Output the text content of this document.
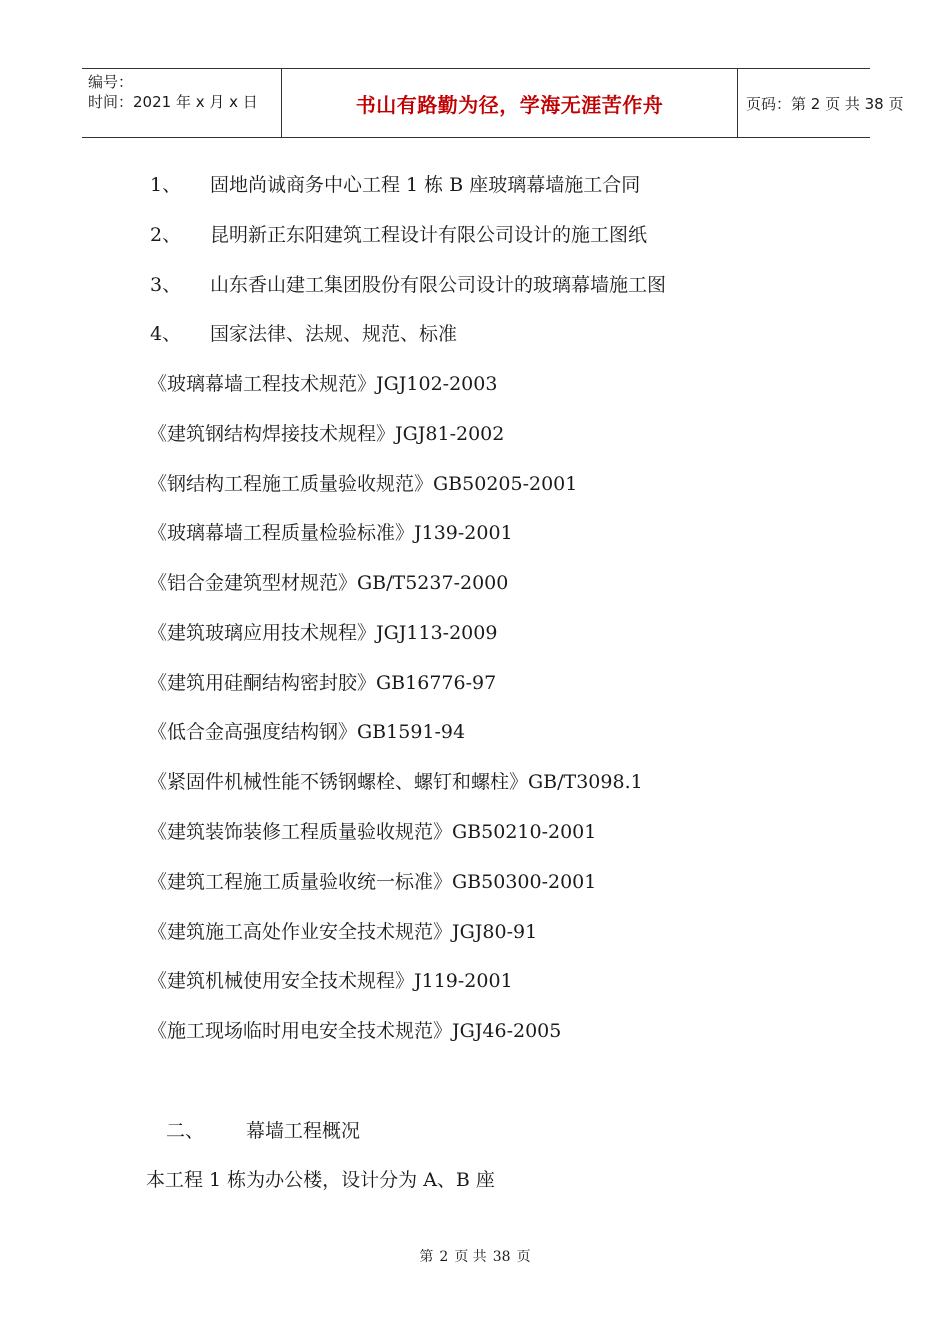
编号：
时间：2021 年 x 月 x 日	书山有路勤为径，学海无涯苦作舟	页码：第 2 页 共 38 页
1、 固地尚诚商务中心工程 1 栋 B 座玻璃幕墙施工合同
2、 昆明新正东阳建筑工程设计有限公司设计的施工图纸
3、 山东香山建工集团股份有限公司设计的玻璃幕墙施工图
4、 国家法律、法规、规范、标准
《玻璃幕墙工程技术规范》JGJ102-2003
《建筑钢结构焊接技术规程》JGJ81-2002
《钢结构工程施工质量验收规范》GB50205-2001
《玻璃幕墙工程质量检验标准》J139-2001
《铝合金建筑型材规范》GB/T5237-2000
《建筑玻璃应用技术规程》JGJ113-2009
《建筑用硅酮结构密封胶》GB16776-97
《低合金高强度结构钢》GB1591-94
《紧固件机械性能不锈钢螺栓、螺钉和螺柱》GB/T3098.1
《建筑装饰装修工程质量验收规范》GB50210-2001
《建筑工程施工质量验收统一标准》GB50300-2001
《建筑施工高处作业安全技术规范》JGJ80-91
《建筑机械使用安全技术规程》J119-2001
《施工现场临时用电安全技术规范》JGJ46-2005
二、 幕墙工程概况
本工程 1 栋为办公楼，设计分为 A、B 座
第 2 页 共 38 页
